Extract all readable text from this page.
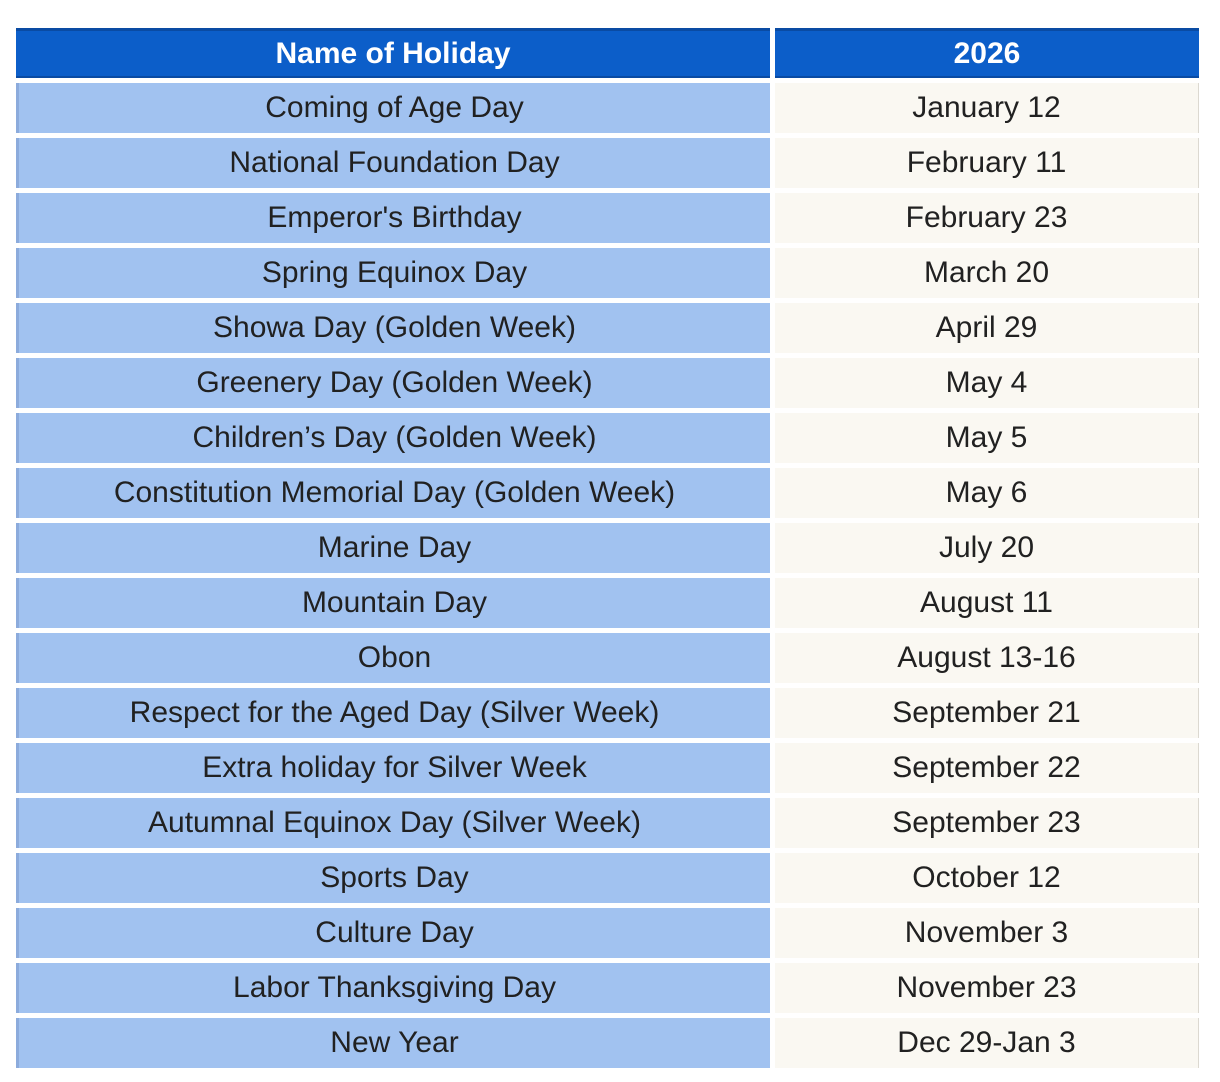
Name of Holiday	2026
Coming of Age Day	January 12
National Foundation Day	February 11
Emperor's Birthday	February 23
Spring Equinox Day	March 20
Showa Day (Golden Week)	April 29
Greenery Day (Golden Week)	May 4
Children’s Day (Golden Week)	May 5
Constitution Memorial Day (Golden Week)	May 6
Marine Day	July 20
Mountain Day	August 11
Obon	August 13-16
Respect for the Aged Day (Silver Week)	September 21
Extra holiday for Silver Week	September 22
Autumnal Equinox Day (Silver Week)	September 23
Sports Day	October 12
Culture Day	November 3
Labor Thanksgiving Day	November 23
New Year	Dec 29-Jan 3
